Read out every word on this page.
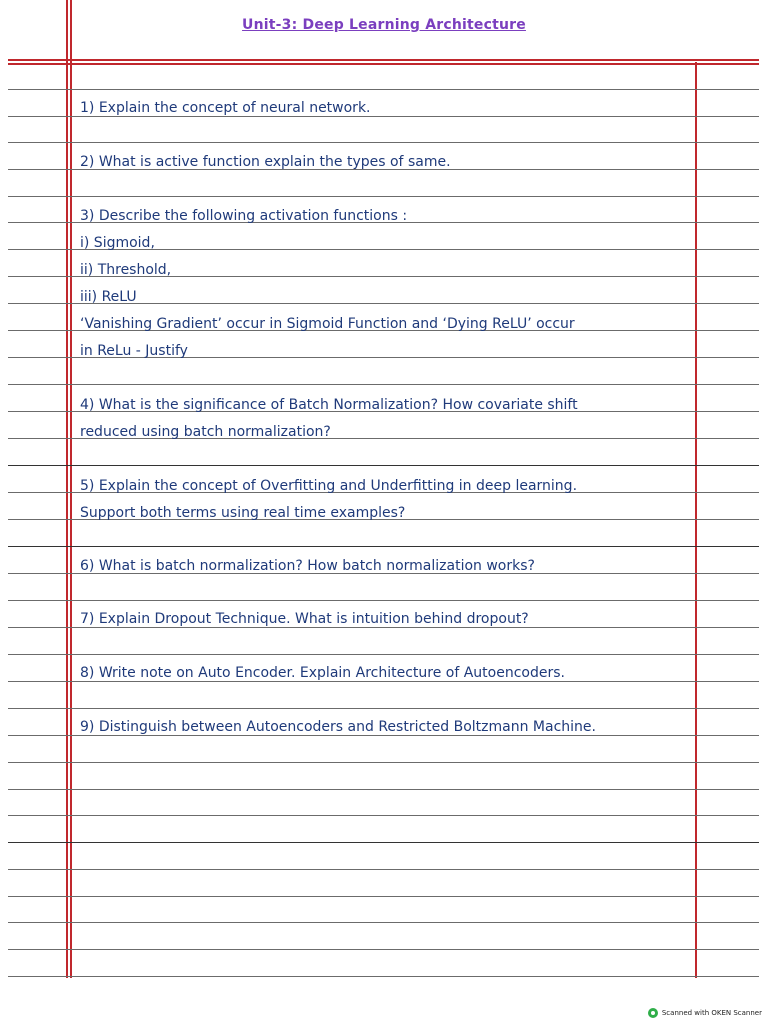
Unit-3: Deep Learning Architecture
1) Explain the concept of neural network.
2) What is active function explain the types of same.
3) Describe the following activation functions :
i) Sigmoid,
ii) Threshold,
iii) ReLU
‘Vanishing Gradient’ occur in Sigmoid Function and ‘Dying ReLU’ occur
in ReLu - Justify
4) What is the significance of Batch Normalization? How covariate shift
reduced using batch normalization?
5) Explain the concept of Overfitting and Underfitting in deep learning.
Support both terms using real time examples?
6) What is batch normalization? How batch normalization works?
7) Explain Dropout Technique. What is intuition behind dropout?
8) Write note on Auto Encoder. Explain Architecture of Autoencoders.
9) Distinguish between Autoencoders and Restricted Boltzmann Machine.
Scanned with OKEN Scanner
